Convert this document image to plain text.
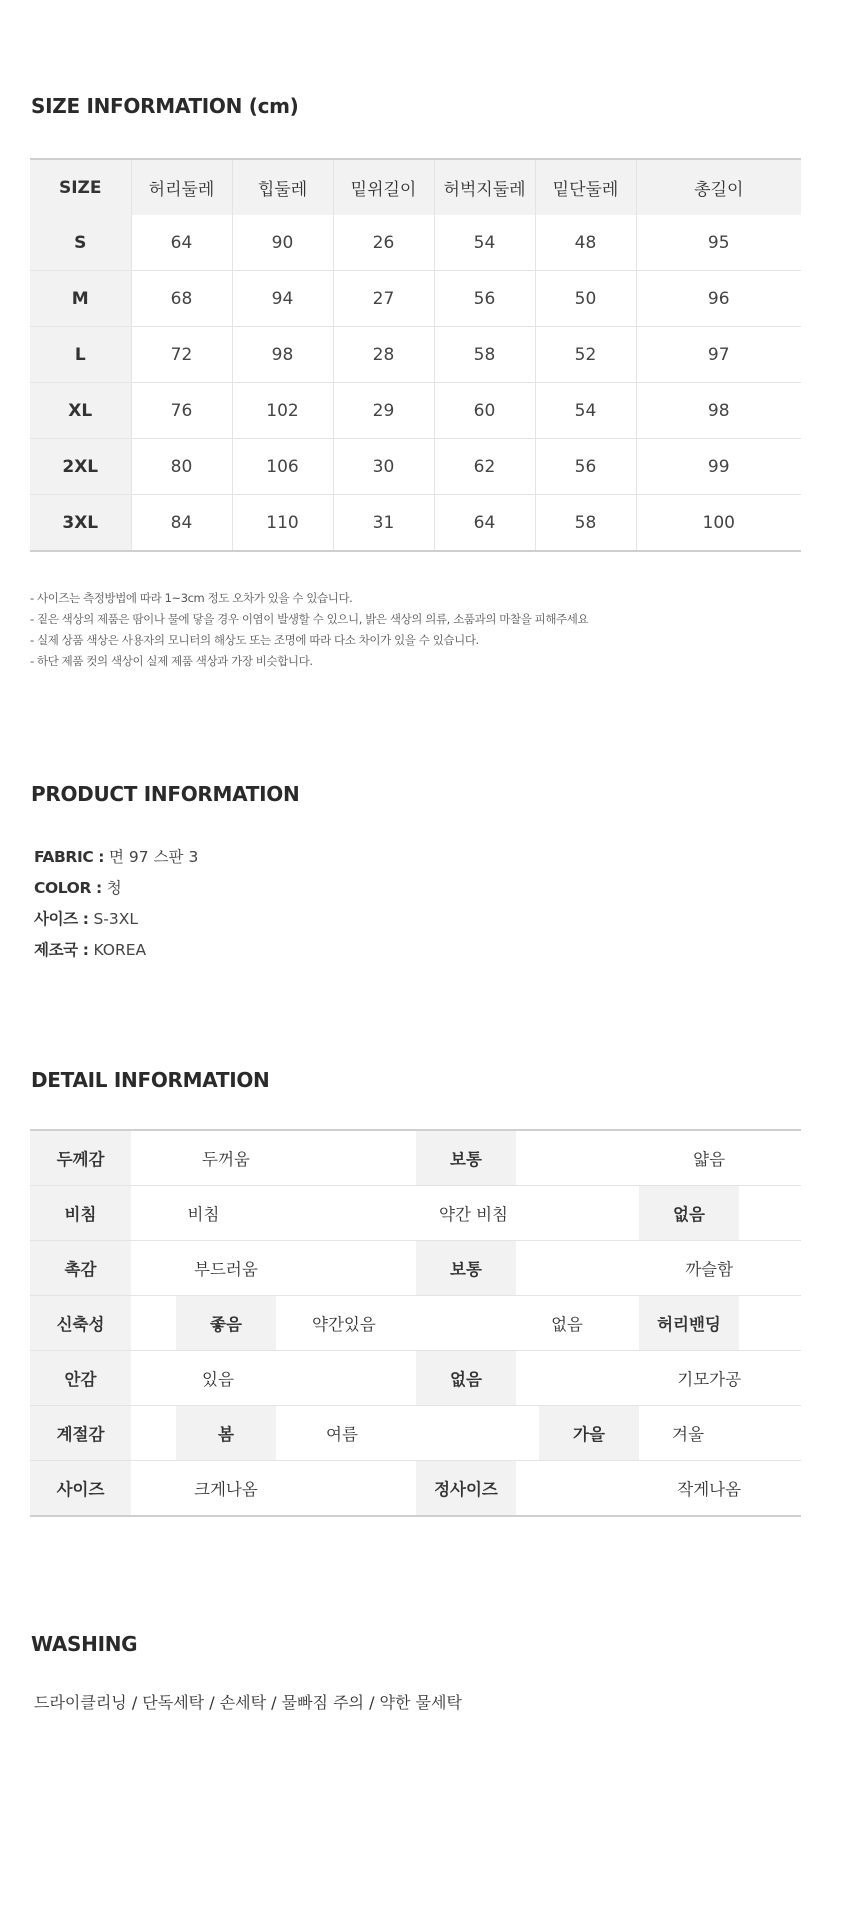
SIZE INFORMATION (cm)
SIZE	허리둘레	힙둘레	밑위길이	허벅지둘레	밑단둘레	총길이
S	64	90	26	54	48	95
M	68	94	27	56	50	96
L	72	98	28	58	52	97
XL	76	102	29	60	54	98
2XL	80	106	30	62	56	99
3XL	84	110	31	64	58	100
- 사이즈는 측정방법에 따라 1~3cm 정도 오차가 있을 수 있습니다.
- 짙은 색상의 제품은 땀이나 물에 닿을 경우 이염이 발생할 수 있으니, 밝은 색상의 의류, 소품과의 마찰을 피해주세요
- 실제 상품 색상은 사용자의 모니터의 해상도 또는 조명에 따라 다소 차이가 있을 수 있습니다.
- 하단 제품 컷의 색상이 실제 제품 색상과 가장 비슷합니다.
PRODUCT INFORMATION
FABRIC : 면 97 스판 3
COLOR : 청
사이즈 : S-3XL
제조국 : KOREA
DETAIL INFORMATION
두께감	두꺼움			보통	얇음			
비침	비침		약간 비침				없음	
촉감	부드러움			보통	까슬함			
신축성		좋음	약간있음		없음		허리밴딩	
안감	있음			없음	기모가공			
계절감		봄	여름			가을	겨울	
사이즈	크게나옴			정사이즈	작게나옴			
WASHING

드라이클리닝 / 단독세탁 / 손세탁 / 물빠짐 주의 / 약한 물세탁
